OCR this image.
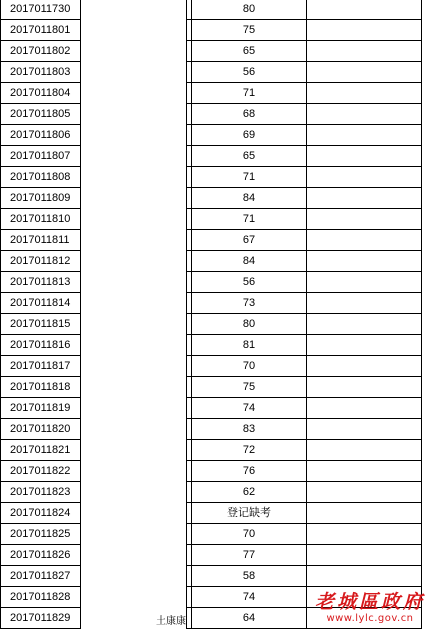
2017011730			80	
2017011801			75	
2017011802			65	
2017011803			56	
2017011804			71	
2017011805			68	
2017011806			69	
2017011807			65	
2017011808			71	
2017011809			84	
2017011810			71	
2017011811			67	
2017011812			84	
2017011813			56	
2017011814			73	
2017011815			80	
2017011816			81	
2017011817			70	
2017011818			75	
2017011819			74	
2017011820			83	
2017011821			72	
2017011822			76	
2017011823			62	
2017011824			登记缺考	
2017011825			70	
2017011826			77	
2017011827			58	
2017011828			74	
2017011829	土康康		64	
老城區政府
www.lylc.gov.cn
